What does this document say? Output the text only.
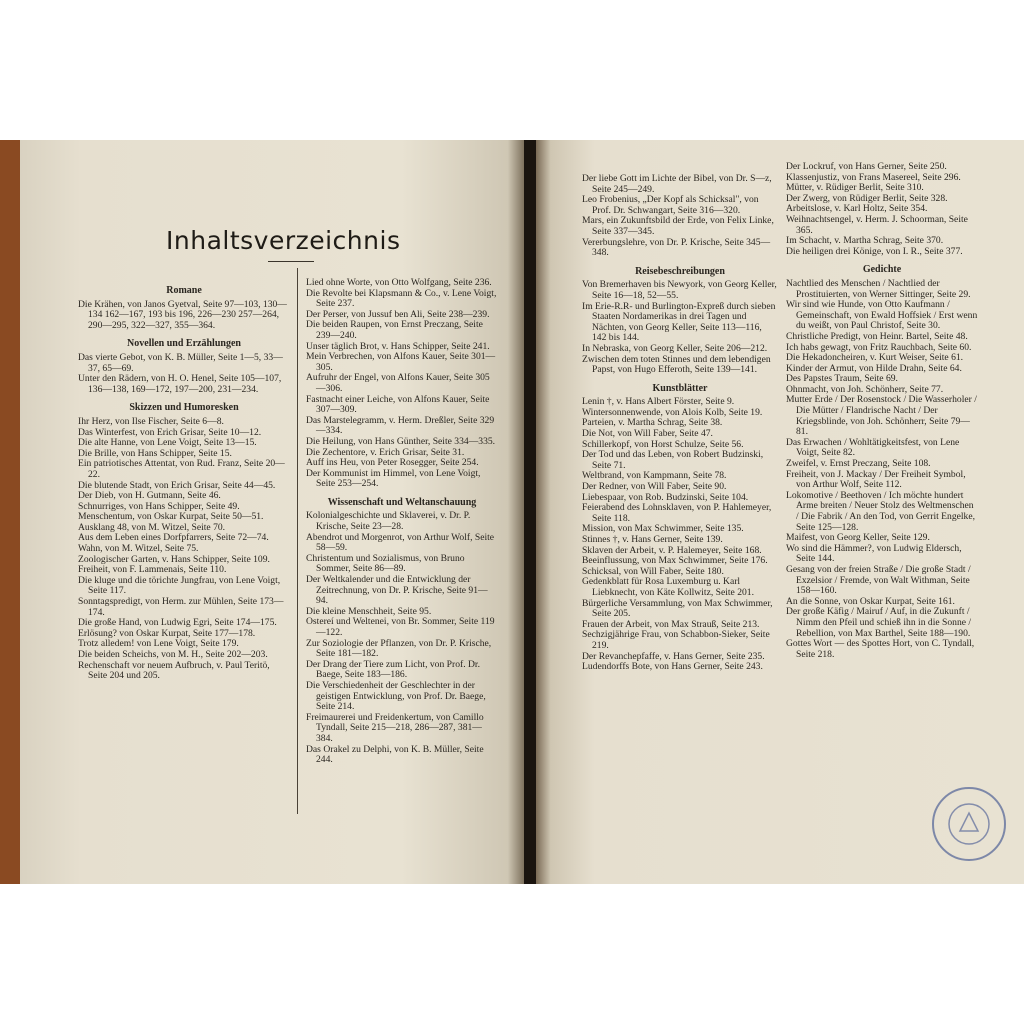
Inhaltsverzeichnis
Romane

Die Krähen, von Janos Gyetval, Seite 97—103, 130—134 162—167, 193 bis 196, 226—230 257—264, 290—295, 322—327, 355—364.

Novellen und Erzählungen

Das vierte Gebot, von K. B. Müller, Seite 1—5, 33—37, 65—69.

Unter den Rädern, von H. O. Henel, Seite 105—107, 136—138, 169—172, 197—200, 231—234.

Skizzen und Humoresken

Ihr Herz, von Ilse Fischer, Seite 6—8.

Das Winterfest, von Erich Grisar, Seite 10—12.

Die alte Hanne, von Lene Voigt, Seite 13—15.

Die Brille, von Hans Schipper, Seite 15.

Ein patriotisches Attentat, von Rud. Franz, Seite 20—22.

Die blutende Stadt, von Erich Grisar, Seite 44—45.

Der Dieb, von H. Gutmann, Seite 46.

Schnurriges, von Hans Schipper, Seite 49.

Menschentum, von Oskar Kurpat, Seite 50—51.

Ausklang 48, von M. Witzel, Seite 70.

Aus dem Leben eines Dorfpfarrers, Seite 72—74.

Wahn, von M. Witzel, Seite 75.

Zoologischer Garten, v. Hans Schipper, Seite 109.

Freiheit, von F. Lammenais, Seite 110.

Die kluge und die törichte Jungfrau, von Lene Voigt, Seite 117.

Sonntagspredigt, von Herm. zur Mühlen, Seite 173—174.

Die große Hand, von Ludwig Egri, Seite 174—175.

Erlösung? von Oskar Kurpat, Seite 177—178.

Trotz alledem! von Lene Voigt, Seite 179.

Die beiden Scheichs, von M. H., Seite 202—203.

Rechenschaft vor neuem Aufbruch, v. Paul Teritö, Seite 204 und 205.

Lied ohne Worte, von Otto Wolfgang, Seite 236.

Die Revolte bei Klapsmann & Co., v. Lene Voigt, Seite 237.

Der Perser, von Jussuf ben Ali, Seite 238—239.

Die beiden Raupen, von Ernst Preczang, Seite 239—240.

Unser täglich Brot, v. Hans Schipper, Seite 241.

Mein Verbrechen, von Alfons Kauer, Seite 301—305.

Aufruhr der Engel, von Alfons Kauer, Seite 305—306.

Fastnacht einer Leiche, von Alfons Kauer, Seite 307—309.

Das Marstelegramm, v. Herm. Dreßler, Seite 329—334.

Die Heilung, von Hans Günther, Seite 334—335.

Die Zechentore, v. Erich Grisar, Seite 31.

Auff ins Heu, von Peter Rosegger, Seite 254.

Der Kommunist im Himmel, von Lene Voigt, Seite 253—254.

Wissenschaft und Weltanschauung

Kolonialgeschichte und Sklaverei, v. Dr. P. Krische, Seite 23—28.

Abendrot und Morgenrot, von Arthur Wolf, Seite 58—59.

Christentum und Sozialismus, von Bruno Sommer, Seite 86—89.

Der Weltkalender und die Entwicklung der Zeitrechnung, von Dr. P. Krische, Seite 91—94.

Die kleine Menschheit, Seite 95.

Ostereí und Weltenei, von Br. Sommer, Seite 119—122.

Zur Soziologie der Pflanzen, von Dr. P. Krische, Seite 181—182.

Der Drang der Tiere zum Licht, von Prof. Dr. Baege, Seite 183—186.

Die Verschiedenheit der Geschlechter in der geistigen Entwicklung, von Prof. Dr. Baege, Seite 214.

Freimaurerei und Freidenkertum, von Camillo Tyndall, Seite 215—218, 286—287, 381—384.

Das Orakel zu Delphi, von K. B. Müller, Seite 244.

Der liebe Gott im Lichte der Bibel, von Dr. S—z, Seite 245—249.

Leo Frobenius, „Der Kopf als Schicksal", von Prof. Dr. Schwangart, Seite 316—320.

Mars, ein Zukunftsbild der Erde, von Felix Linke, Seite 337—345.

Vererbungslehre, von Dr. P. Krische, Seite 345—348.

Reisebeschreibungen

Von Bremerhaven bis Newyork, von Georg Keller, Seite 16—18, 52—55.

Im Erie-R.R- und Burlington-Expreß durch sieben Staaten Nordamerikas in drei Tagen und Nächten, von Georg Keller, Seite 113—116, 142 bis 144.

In Nebraska, von Georg Keller, Seite 206—212.

Zwischen dem toten Stinnes und dem lebendigen Papst, von Hugo Efferoth, Seite 139—141.

Kunstblätter

Lenin †, v. Hans Albert Förster, Seite 9.

Wintersonnenwende, von Alois Kolb, Seite 19.

Parteien, v. Martha Schrag, Seite 38.

Die Not, von Will Faber, Seite 47.

Schillerkopf, von Horst Schulze, Seite 56.

Der Tod und das Leben, von Robert Budzinski, Seite 71.

Weltbrand, von Kampmann, Seite 78.

Der Redner, von Will Faber, Seite 90.

Liebespaar, von Rob. Budzinski, Seite 104.

Feierabend des Lohnsklaven, von P. Hahlemeyer, Seite 118.

Mission, von Max Schwimmer, Seite 135.

Stinnes †, v. Hans Gerner, Seite 139.

Sklaven der Arbeit, v. P. Halemeyer, Seite 168.

Beeinflussung, von Max Schwimmer, Seite 176.

Schicksal, von Will Faber, Seite 180.

Gedenkblatt für Rosa Luxemburg u. Karl Liebknecht, von Käte Kollwitz, Seite 201.

Bürgerliche Versammlung, von Max Schwimmer, Seite 205.

Frauen der Arbeit, von Max Strauß, Seite 213.

Sechzigjährige Frau, von Schabbon-Sieker, Seite 219.

Der Revanchepfaffe, v. Hans Gerner, Seite 235.

Ludendorffs Bote, von Hans Gerner, Seite 243.

Der Lockruf, von Hans Gerner, Seite 250.

Klassenjustiz, von Frans Masereel, Seite 296.

Mütter, v. Rüdiger Berlit, Seite 310.

Der Zwerg, von Rüdiger Berlit, Seite 328.

Arbeitslose, v. Karl Holtz, Seite 354.

Weihnachtsengel, v. Herm. J. Schoorman, Seite 365.

Im Schacht, v. Martha Schrag, Seite 370.

Die heiligen drei Könige, von I. R., Seite 377.

Gedichte

Nachtlied des Menschen / Nachtlied der Prostituierten, von Werner Sittinger, Seite 29.

Wir sind wie Hunde, von Otto Kaufmann / Gemeinschaft, von Ewald Hoffsiek / Erst wenn du weißt, von Paul Christof, Seite 30.

Christliche Predigt, von Heinr. Bartel, Seite 48.

Ich habs gewagt, von Fritz Rauchbach, Seite 60.

Die Hekadoncheiren, v. Kurt Weiser, Seite 61.

Kinder der Armut, von Hilde Drahn, Seite 64.

Des Papstes Traum, Seite 69.

Ohnmacht, von Joh. Schönherr, Seite 77.

Mutter Erde / Der Rosenstock / Die Wasserholer / Die Mütter / Flandrische Nacht / Der Kriegsblinde, von Joh. Schönherr, Seite 79—81.

Das Erwachen / Wohltätigkeitsfest, von Lene Voigt, Seite 82.

Zweifel, v. Ernst Preczang, Seite 108.

Freiheit, von J. Mackay / Der Freiheit Symbol, von Arthur Wolf, Seite 112.

Lokomotive / Beethoven / Ich möchte hundert Arme breiten / Neuer Stolz des Weltmenschen / Die Fabrik / An den Tod, von Gerrit Engelke, Seite 125—128.

Maifest, von Georg Keller, Seite 129.

Wo sind die Hämmer?, von Ludwig Eldersch, Seite 144.

Gesang von der freien Straße / Die große Stadt / Exzelsior / Fremde, von Walt Withman, Seite 158—160.

An die Sonne, von Oskar Kurpat, Seite 161.

Der große Käfig / Mairuf / Auf, in die Zukunft / Nimm den Pfeil und schieß ihn in die Sonne / Rebellion, von Max Barthel, Seite 188—190.

Gottes Wort — des Spottes Hort, von C. Tyndall, Seite 218.
